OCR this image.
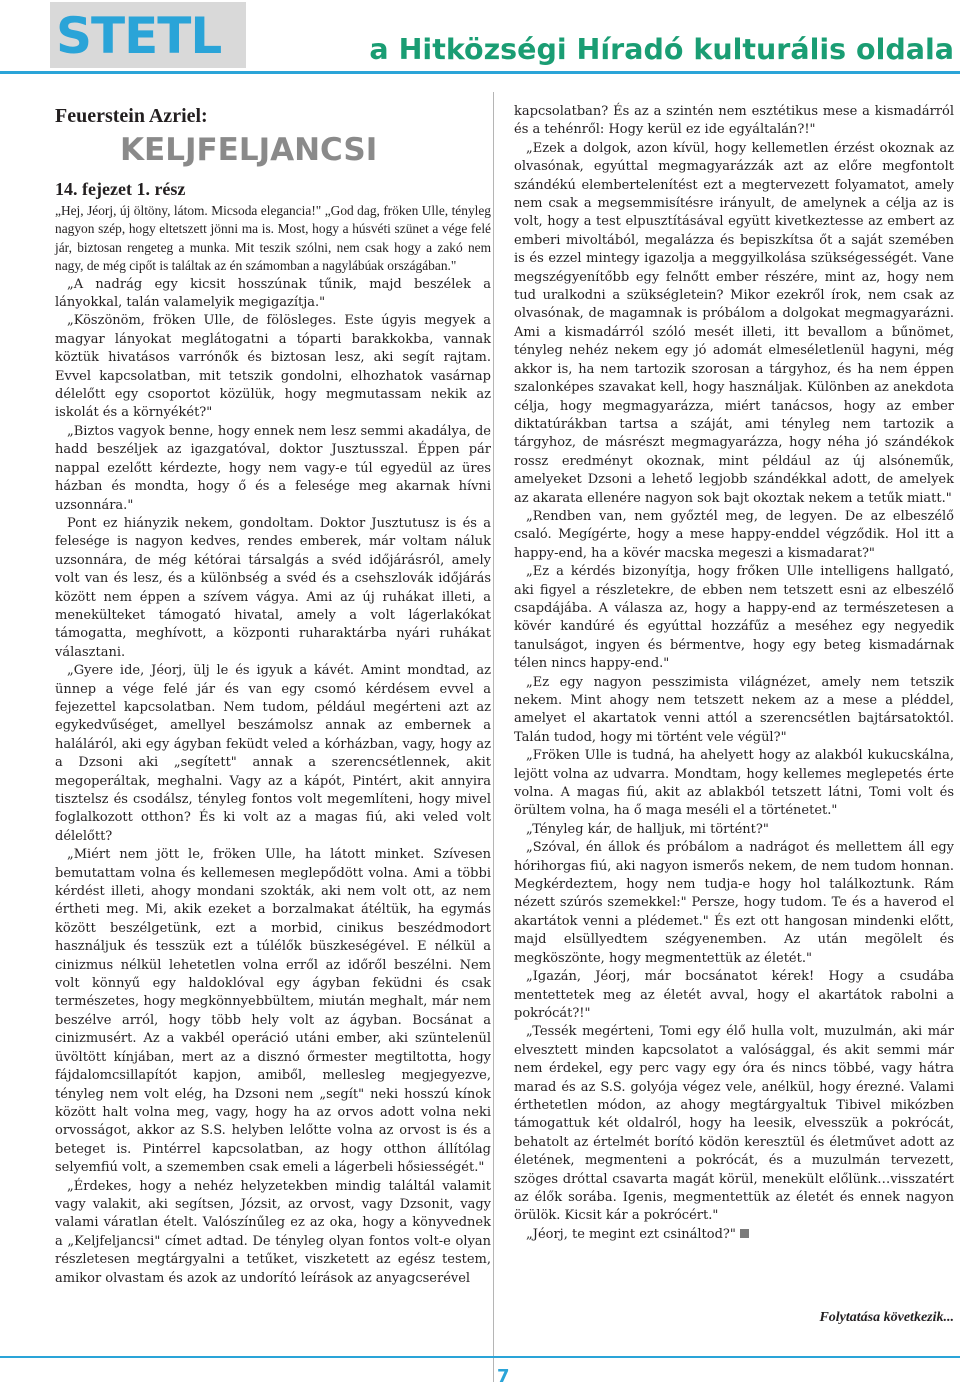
STETL	a Hitközségi Híradó kulturális oldala
Feuerstein Azriel:
KELJFELJANCSI
14. fejezet 1. rész

„Hej, Jéorj, új öltöny, látom. Micsoda elegancia!" „God dag, fröken Ulle, tényleg nagyon szép, hogy eltetszett jönni ma is. Most, hogy a húsvéti szünet a vége felé jár, biztosan rengeteg a munka. Mit teszik szólni, nem csak hogy a zakó nem nagy, de még cipőt is találtak az én számomban a nagylábúak országában."

„A nadrág egy kicsit hosszúnak tűnik, majd beszélek a lányokkal, talán valamelyik megigazítja."

„Köszönöm, fröken Ulle, de fölösleges. Este úgyis megyek a magyar lányokat meglátogatni a tóparti barakkokba, vannak köztük hivatásos varrónők és biztosan lesz, aki segít rajtam. Evvel kapcsolatban, mit tetszik gondolni, elhozhatok vasárnap délelőtt egy csoportot közülük, hogy megmutassam nekik az iskolát és a környékét?"

„Biztos vagyok benne, hogy ennek nem lesz semmi akadálya, de hadd beszéljek az igazgatóval, doktor Jusztusszal. Éppen pár nappal ezelőtt kérdezte, hogy nem vagy-e túl egyedül az üres házban és mondta, hogy ő és a felesége meg akarnak hívni uzsonnára."

Pont ez hiányzik nekem, gondoltam. Doktor Jusztutusz is és a felesége is nagyon kedves, rendes emberek, már voltam náluk uzsonnára, de még kétórai társalgás a svéd időjárásról, amely volt van és lesz, és a különbség a svéd és a csehszlovák időjárás között nem éppen a szívem vágya. Ami az új ruhákat illeti, a menekülteket támogató hivatal, amely a volt lágerlakókat támogatta, meghívott, a központi ruharaktárba nyári ruhákat választani.

„Gyere ide, Jéorj, ülj le és igyuk a kávét. Amint mondtad, az ünnep a vége felé jár és van egy csomó kérdésem evvel a fejezettel kapcsolatban. Nem tudom, például megérteni azt az egykedvűséget, amellyel beszámolsz annak az embernek a haláláról, aki egy ágyban feküdt veled a kórházban, vagy, hogy az a Dzsoni aki „segített" annak a szerencsétlennek, akit megoperáltak, meghalni. Vagy az a kápót, Pintért, akit annyira tisztelsz és csodálsz, tényleg fontos volt megemlíteni, hogy mivel foglalkozott otthon? És ki volt az a magas fiú, aki veled volt délelőtt?

„Miért nem jött le, fröken Ulle, ha látott minket. Szívesen bemutattam volna és kellemesen meglepődött volna. Ami a többi kérdést illeti, ahogy mondani szokták, aki nem volt ott, az nem értheti meg. Mi, akik ezeket a borzalmakat átéltük, ha egymás között beszélgetünk, ezt a morbid, cinikus beszédmodort használjuk és tesszük ezt a túlélők büszkeségével. E nélkül a cinizmus nélkül lehetetlen volna erről az időről beszélni. Nem volt könnyű egy haldoklóval egy ágyban feküdni és csak természetes, hogy megkönnyebbültem, miután meghalt, már nem beszélve arról, hogy több hely volt az ágyban. Bocsánat a cinizmusért. Az a vakbél operáció utáni ember, aki szüntelenül üvöltött kínjában, mert az a disznó őrmester megtiltotta, hogy fájdalomcsillapítót kapjon, amiből, mellesleg megjegyezve, tényleg nem volt elég, ha Dzsoni nem „segít" neki hosszú kínok között halt volna meg, vagy, hogy ha az orvos adott volna neki orvosságot, akkor az S.S. helyben lelőtte volna az orvost is és a beteget is. Pintérrel kapcsolatban, az hogy otthon állítólag selyemfiú volt, a szememben csak emeli a lágerbeli hősiességét."

„Érdekes, hogy a nehéz helyzetekben mindig találtál valamit vagy valakit, aki segítsen, Józsit, az orvost, vagy Dzsonit, vagy valami váratlan ételt. Valószínűleg ez az oka, hogy a könyvednek a „Keljfeljancsi" címet adtad. De tényleg olyan fontos volt-e olyan részletesen megtárgyalni a tetűket, viszketett az egész testem, amikor olvastam és azok az undorító leírások az anyagcserével

kapcsolatban? És az a szintén nem esztétikus mese a kismadárról és a tehénről: Hogy kerül ez ide egyáltalán?!"

„Ezek a dolgok, azon kívül, hogy kellemetlen érzést okoznak az olvasónak, egyúttal megmagyarázzák azt az előre megfontolt szándékú elembertelenítést ezt a megtervezett folyamatot, amely nem csak a megsemmisítésre irányult, de amelynek a célja az is volt, hogy a test elpusztításával együtt kivetkeztesse az embert az emberi mivoltából, megalázza és bepiszkítsa őt a saját szemében is és ezzel mintegy igazolja a meggyilkolása szükségességét. Vane megszégyenítőbb egy felnőtt ember részére, mint az, hogy nem tud uralkodni a szükségletein? Mikor ezekről írok, nem csak az olvasónak, de magamnak is próbálom a dolgokat megmagyarázni. Ami a kismadárról szóló mesét illeti, itt bevallom a bűnömet, tényleg nehéz nekem egy jó adomát elmeséletlenül hagyni, még akkor is, ha nem tartozik szorosan a tárgyhoz, és ha nem éppen szalonképes szavakat kell, hogy használjak. Különben az anekdota célja, hogy megmagyarázza, miért tanácsos, hogy az ember diktatúrákban tartsa a száját, ami tényleg nem tartozik a tárgyhoz, de másrészt megmagyarázza, hogy néha jó szándékok rossz eredményt okoznak, mint például az új alsóneműk, amelyeket Dzsoni a lehető legjobb szándékkal adott, de amelyek az akarata ellenére nagyon sok bajt okoztak nekem a tetűk miatt."

„Rendben van, nem győztél meg, de legyen. De az elbeszélő csaló. Megígérte, hogy a mese happy-enddel végződik. Hol itt a happy-end, ha a kövér macska megeszi a kismadarat?"

„Ez a kérdés bizonyítja, hogy frőken Ulle intelligens hallgató, aki figyel a részletekre, de ebben nem tetszett esni az elbeszélő csapdájába. A válasza az, hogy a happy-end az természetesen a kövér kandúré és egyúttal hozzáfűz a meséhez egy negyedik tanulságot, ingyen és bérmentve, hogy egy beteg kismadárnak télen nincs happy-end."

„Ez egy nagyon pesszimista világnézet, amely nem tetszik nekem. Mint ahogy nem tetszett nekem az a mese a pléddel, amelyet el akartatok venni attól a szerencsétlen bajtársatoktól. Talán tudod, hogy mi történt vele végül?"

„Fröken Ulle is tudná, ha ahelyett hogy az alakból kukucskálna, lejött volna az udvarra. Mondtam, hogy kellemes meglepetés érte volna. A magas fiú, akit az ablakból tetszett látni, Tomi volt és örültem volna, ha ő maga meséli el a történetet."

„Tényleg kár, de halljuk, mi történt?"

„Szóval, én állok és próbálom a nadrágot és mellettem áll egy hórihorgas fiú, aki nagyon ismerős nekem, de nem tudom honnan. Megkérdeztem, hogy nem tudja-e hogy hol találkoztunk. Rám nézett szúrós szemekkel:" Persze, hogy tudom. Te és a haverod el akartátok venni a plédemet." És ezt ott hangosan mindenki előtt, majd elsüllyedtem szégyenemben. Az után megölelt és megköszönte, hogy megmentettük az életét."

„Igazán, Jéorj, már bocsánatot kérek! Hogy a csudába mentettetek meg az életét avval, hogy el akartátok rabolni a pokrócát?!"

„Tessék megérteni, Tomi egy élő hulla volt, muzulmán, aki már elvesztett minden kapcsolatot a valósággal, és akit semmi már nem érdekel, egy perc vagy egy óra és nincs többé, vagy hátra marad és az S.S. golyója végez vele, anélkül, hogy érezné. Valami érthetetlen módon, az ahogy megtárgyaltuk Tibivel mikózben támogattuk két oldalról, hogy ha leesik, elvesszük a pokrócát, behatolt az értelmét borító ködön keresztül és életművet adott az életének, megmenteni a pokrócát, és a muzulmán tervezett, szöges dróttal csavarta magát körül, menekült előlünk…visszatért az élők sorába. Igenis, megmentettük az életét és ennek nagyon örülök. Kicsit kár a pokrócért."

„Jéorj, te megint ezt csináltod?"

Folytatása következik...
7
